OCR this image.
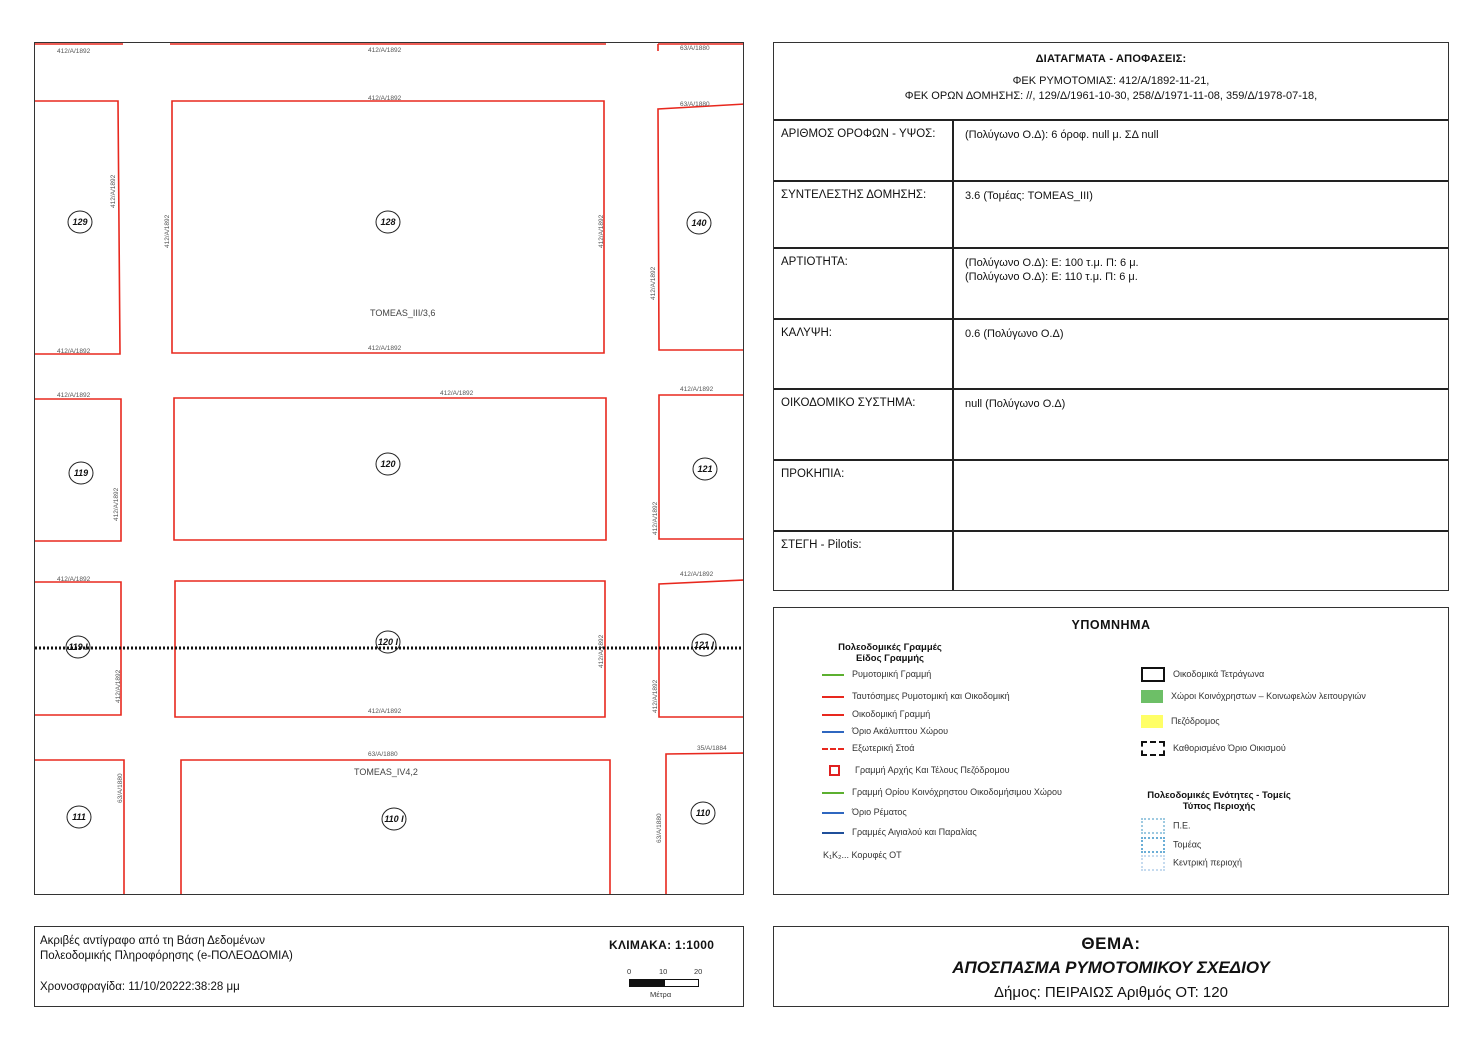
412/Α/1892	412/Α/1892	63/Α/1880
412/Α/1892
63/Α/1880
412/Α/1892	412/Α/1892
412/Α/1892	412/Α/1892
412/Α/1892
412/Α/1892
412/Α/1892
412/Α/1892
63/Α/1880
35/Α/1884
412/Α/1892
412/Α/1892	412/Α/1892
412/Α/1892
412/Α/1892	412/Α/1892
412/Α/1892
412/Α/1892
412/Α/1892
63/Α/1880
63/Α/1880
TOMEAS_III/3,6
TOMEAS_IV4,2
129	128	140
119
120	121
119 I	120 I	121 I
111	110 I
110
ΔΙΑΤΑΓΜΑΤΑ - ΑΠΟΦΑΣΕΙΣ:
ΦΕΚ ΡΥΜΟΤΟΜΙΑΣ: 412/Α/1892-11-21,
ΦΕΚ ΟΡΩΝ ΔΟΜΗΣΗΣ: //, 129/Δ/1961-10-30, 258/Δ/1971-11-08, 359/Δ/1978-07-18,
ΑΡΙΘΜΟΣ ΟΡΟΦΩΝ - ΥΨΟΣ:	(Πολύγωνο Ο.Δ): 6 όροφ. null μ. ΣΔ null
ΣΥΝΤΕΛΕΣΤΗΣ ΔΟΜΗΣΗΣ:	3.6 (Τομέας: TOMEAS_III)
ΑΡΤΙΟΤΗΤΑ:	(Πολύγωνο Ο.Δ): Ε: 100 τ.μ. Π: 6 μ.
(Πολύγωνο Ο.Δ): Ε: 110 τ.μ. Π: 6 μ.
ΚΑΛΥΨΗ:	0.6 (Πολύγωνο Ο.Δ)
ΟΙΚΟΔΟΜΙΚΟ ΣΥΣΤΗΜΑ:	null (Πολύγωνο Ο.Δ)
ΠΡΟΚΗΠΙΑ:
ΣΤΕΓΗ - Pilotis:
ΥΠΟΜΝΗΜΑ
Πολεοδομικές Γραμμές
Είδος Γραμμής
Ρυμοτομική Γραμμή
Ταυτόσημες Ρυμοτομική και Οικοδομική
Οικοδομική Γραμμή
Όριο Ακάλυπτου Χώρου
Εξωτερική Στοά
Γραμμή Αρχής Και Τέλους Πεζόδρομου
Γραμμή Ορίου Κοινόχρηστου Οικοδομήσιμου Χώρου
Όριο Ρέματος
Γραμμές Αιγιαλού και Παραλίας
K₁K₂... Κορυφές ΟΤ
Οικοδομικά Τετράγωνα
Χώροι Κοινόχρηστων – Κοινωφελών λειτουργιών
Πεζόδρομος
Καθορισμένο Όριο Οικισμού
Πολεοδομικές Ενότητες - Τομείς
Τύπος Περιοχής
Π.Ε.
Τομέας
Κεντρική περιοχή
Ακριβές αντίγραφο από τη Βάση Δεδομένων
Πολεοδομικής Πληροφόρησης (e-ΠΟΛΕΟΔΟΜΙΑ)
Χρονοσφραγίδα: 11/10/20222:38:28 μμ
ΚΛΙΜΑΚΑ: 1:1000
0	10	20
Μέτρα
ΘΕΜΑ:
ΑΠΟΣΠΑΣΜΑ ΡΥΜΟΤΟΜΙΚΟΥ ΣΧΕΔΙΟΥ
Δήμος: ΠΕΙΡΑΙΩΣ Αριθμός ΟΤ: 120
